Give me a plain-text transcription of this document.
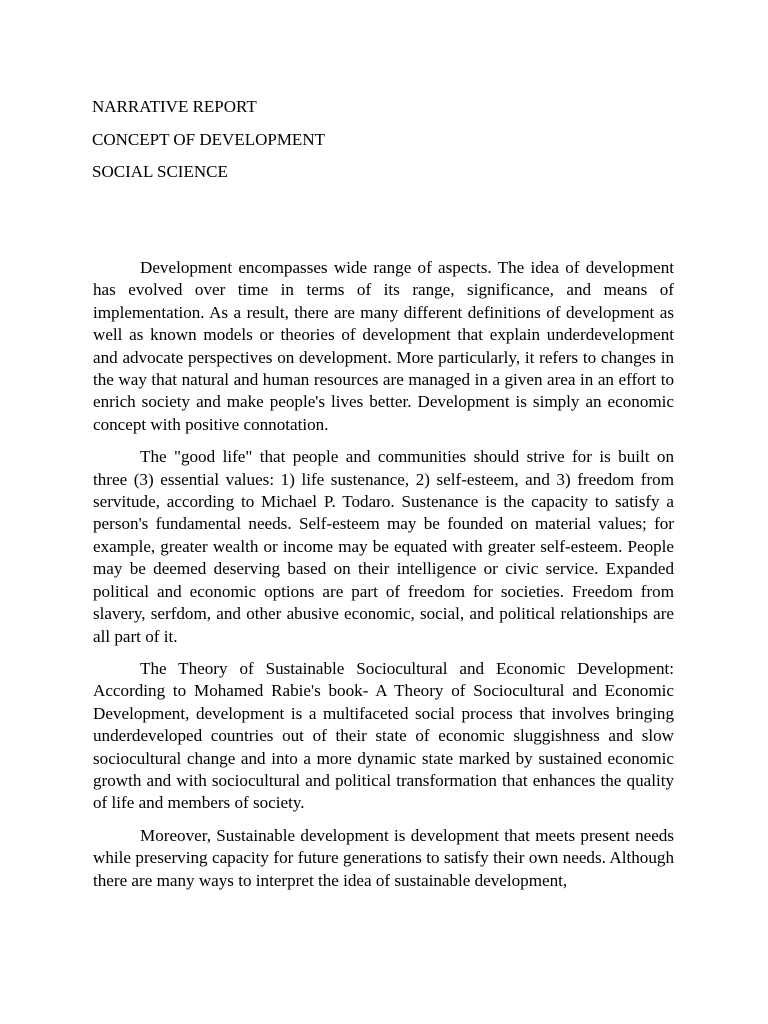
NARRATIVE REPORT
CONCEPT OF DEVELOPMENT
SOCIAL SCIENCE

Development encompasses wide range of aspects. The idea of development has evolved over time in terms of its range, significance, and means of implementation. As a result, there are many different definitions of development as well as known models or theories of development that explain underdevelopment and advocate perspectives on development. More particularly, it refers to changes in the way that natural and human resources are managed in a given area in an effort to enrich society and make people's lives better. Development is simply an economic concept with positive connotation.

The "good life" that people and communities should strive for is built on three (3) essential values: 1) life sustenance, 2) self-esteem, and 3) freedom from servitude, according to Michael P. Todaro. Sustenance is the capacity to satisfy a person's fundamental needs. Self-esteem may be founded on material values; for example, greater wealth or income may be equated with greater self-esteem. People may be deemed deserving based on their intelligence or civic service. Expanded political and economic options are part of freedom for societies. Freedom from slavery, serfdom, and other abusive economic, social, and political relationships are all part of it.

The Theory of Sustainable Sociocultural and Economic Development: According to Mohamed Rabie's book- A Theory of Sociocultural and Economic Development, development is a multifaceted social process that involves bringing underdeveloped countries out of their state of economic sluggishness and slow sociocultural change and into a more dynamic state marked by sustained economic growth and with sociocultural and political transformation that enhances the quality of life and members of society.

Moreover, Sustainable development is development that meets present needs while preserving capacity for future generations to satisfy their own needs. Although there are many ways to interpret the idea of sustainable development,
